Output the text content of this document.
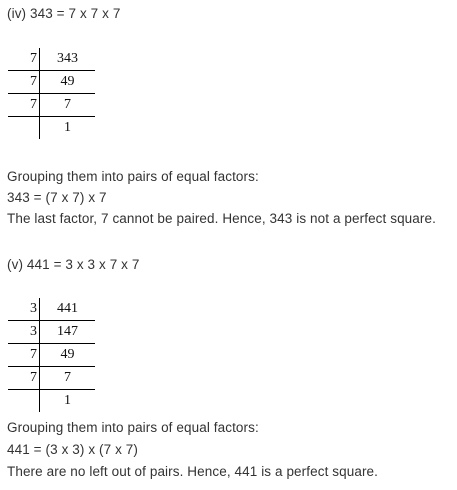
(iv) 343 = 7 x 7 x 7
7	343
7	49
7	7
	1
Grouping them into pairs of equal factors:
343 = (7 x 7) x 7
The last factor, 7 cannot be paired. Hence, 343 is not a perfect square.
(v) 441 = 3 x 3 x 7 x 7
3	441
3	147
7	49
7	7
	1
Grouping them into pairs of equal factors:
441 = (3 x 3) x (7 x 7)
There are no left out of pairs. Hence, 441 is a perfect square.
